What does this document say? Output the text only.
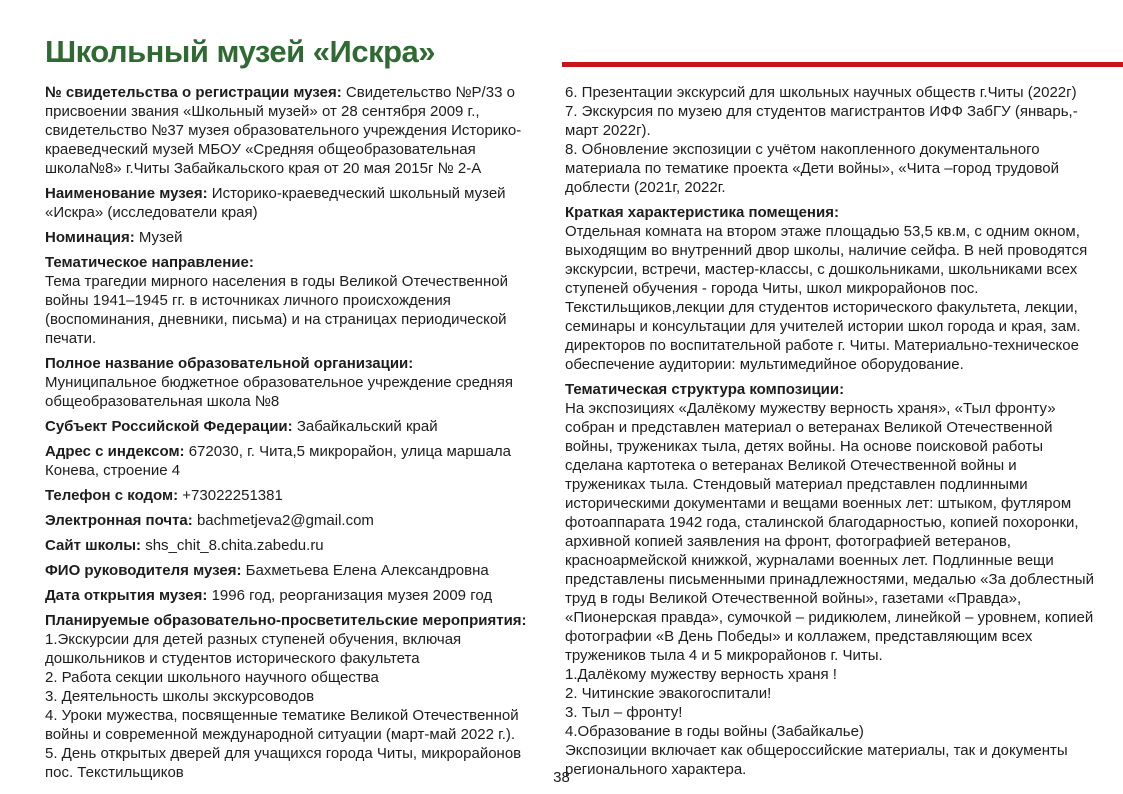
Школьный музей «Искра»
№ свидетельства о регистрации музея: Свидетельство №Р/33 о присвоении звания «Школьный музей» от 28 сентября 2009 г., свидетельство №37 музея образовательного учреждения Историко-краеведческий музей МБОУ «Средняя общеобразовательная школа№8» г.Читы Забайкальского края от 20 мая 2015г № 2-А
Наименование музея: Историко-краеведческий школьный музей «Искра» (исследователи края)
Номинация: Музей
Тематическое направление:
Тема трагедии мирного населения в годы Великой Отечественной войны 1941–1945 гг. в источниках личного происхождения (воспоминания, дневники, письма) и на страницах периодической печати.
Полное название образовательной организации:
Муниципальное бюджетное образовательное учреждение средняя общеобразовательная школа №8
Субъект Российской Федерации: Забайкальский край
Адрес с индексом: 672030, г. Чита,5 микрорайон, улица маршала Конева, строение 4
Телефон с кодом: +73022251381
Электронная почта: bachmetjeva2@gmail.com
Сайт школы: shs_chit_8.chita.zabedu.ru
ФИО руководителя музея: Бахметьева Елена Александровна
Дата открытия музея: 1996 год, реорганизация музея 2009 год
Планируемые образовательно-просветительские мероприятия:
1.Экскурсии для детей разных ступеней обучения, включая дошкольников и студентов исторического факультета
2. Работа секции школьного научного общества
3. Деятельность школы экскурсоводов
4. Уроки мужества, посвященные тематике Великой Отечественной войны и современной международной ситуации (март-май 2022 г.).
5. День открытых дверей для учащихся города Читы, микрорайонов пос. Текстильщиков
6. Презентации экскурсий для школьных научных обществ г.Читы (2022г)
7. Экскурсия по музею для студентов магистрантов ИФФ ЗабГУ (январь,-март 2022г).
8. Обновление экспозиции с учётом накопленного документального материала по тематике проекта «Дети войны», «Чита –город трудовой доблести (2021г, 2022г.
Краткая характеристика помещения:
Отдельная комната на втором этаже площадью 53,5 кв.м, с одним окном, выходящим во внутренний двор школы, наличие сейфа. В ней проводятся экскурсии, встречи, мастер-классы, с дошкольниками, школьниками всех ступеней обучения - города Читы, школ микрорайонов пос. Текстильщиков,лекции для студентов исторического факультета, лекции, семинары и консультации для учителей истории школ города и края, зам. директоров по воспитательной работе г. Читы. Материально-техническое обеспечение аудитории: мультимедийное оборудование.
Тематическая структура композиции:
На экспозициях «Далёкому мужеству верность храня», «Тыл фронту» собран и представлен материал о ветеранах Великой Отечественной войны, тружениках тыла, детях войны. На основе поисковой работы сделана картотека о ветеранах Великой Отечественной войны и тружениках тыла. Стендовый материал представлен подлинными историческими документами и вещами военных лет: штыком, футляром фотоаппарата 1942 года, сталинской благодарностью, копией похоронки, архивной копией заявления на фронт, фотографией ветеранов, красноармейской книжкой, журналами военных лет. Подлинные вещи представлены письменными принадлежностями, медалью «За доблестный труд в годы Великой Отечественной войны», газетами «Правда», «Пионерская правда», сумочкой – ридикюлем, линейкой – уровнем, копией фотографии «В День Победы» и коллажем, представляющим всех тружеников тыла 4 и 5 микрорайонов г. Читы.
1.Далёкому мужеству верность храня !
2. Читинские эвакогоспитали!
3. Тыл – фронту!
4.Образование в годы войны (Забайкалье)
Экспозиции включает как общероссийские материалы, так и документы регионального характера.
38
